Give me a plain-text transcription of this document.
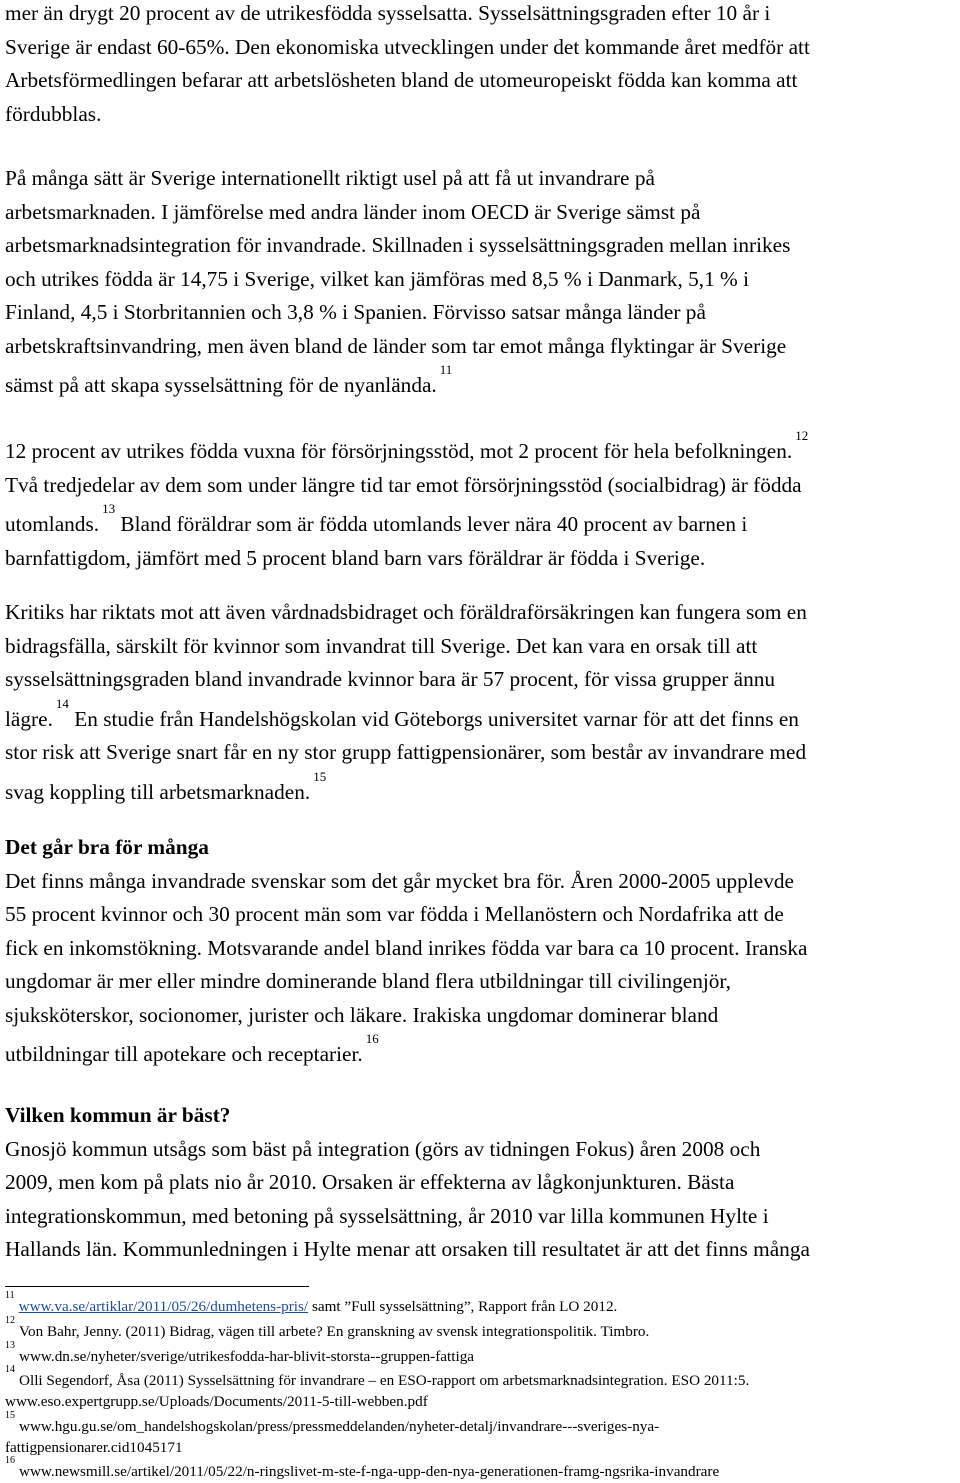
mer än drygt 20 procent av de utrikesfödda sysselsatta. Sysselsättningsgraden efter 10 år i
Sverige är endast 60-65%. Den ekonomiska utvecklingen under det kommande året medför att
Arbetsförmedlingen befarar att arbetslösheten bland de utomeuropeiskt födda kan komma att
fördubblas.
På många sätt är Sverige internationellt riktigt usel på att få ut invandrare på
arbetsmarknaden. I jämförelse med andra länder inom OECD är Sverige sämst på
arbetsmarknadsintegration för invandrade. Skillnaden i sysselsättningsgraden mellan inrikes
och utrikes födda är 14,75 i Sverige, vilket kan jämföras med 8,5 % i Danmark, 5,1 % i
Finland, 4,5 i Storbritannien och 3,8 % i Spanien. Förvisso satsar många länder på
arbetskraftsinvandring, men även bland de länder som tar emot många flyktingar är Sverige
sämst på att skapa sysselsättning för de nyanlända.$^{11}$
12 procent av utrikes födda vuxna för försörjningsstöd, mot 2 procent för hela befolkningen.$^{12}$
Två tredjedelar av dem som under längre tid tar emot försörjningsstöd (socialbidrag) är födda
utomlands.$^{13}$ Bland föräldrar som är födda utomlands lever nära 40 procent av barnen i
barnfattigdom, jämfört med 5 procent bland barn vars föräldrar är födda i Sverige.
Kritiks har riktats mot att även vårdnadsbidraget och föräldraförsäkringen kan fungera som en
bidragsfälla, särskilt för kvinnor som invandrat till Sverige. Det kan vara en orsak till att
sysselsättningsgraden bland invandrade kvinnor bara är 57 procent, för vissa grupper ännu
lägre.$^{14}$ En studie från Handelshögskolan vid Göteborgs universitet varnar för att det finns en
stor risk att Sverige snart får en ny stor grupp fattigpensionärer, som består av invandrare med
svag koppling till arbetsmarknaden.$^{15}$
Det går bra för många
Det finns många invandrade svenskar som det går mycket bra för. Åren 2000-2005 upplevde
55 procent kvinnor och 30 procent män som var födda i Mellanöstern och Nordafrika att de
fick en inkomstökning. Motsvarande andel bland inrikes födda var bara ca 10 procent. Iranska
ungdomar är mer eller mindre dominerande bland flera utbildningar till civilingenjör,
sjuksköterskor, socionomer, jurister och läkare. Irakiska ungdomar dominerar bland
utbildningar till apotekare och receptarier.$^{16}$
Vilken kommun är bäst?
Gnosjö kommun utsågs som bäst på integration (görs av tidningen Fokus) åren 2008 och
2009, men kom på plats nio år 2010. Orsaken är effekterna av lågkonjunkturen. Bästa
integrationskommun, med betoning på sysselsättning, år 2010 var lilla kommunen Hylte i
Hallands län. Kommunledningen i Hylte menar att orsaken till resultatet är att det finns många
$^{11}$www.va.se/artiklar/2011/05/26/dumhetens-pris/ samt ”Full sysselsättning”, Rapport från LO 2012.
$^{12}$Von Bahr, Jenny. (2011) Bidrag, vägen till arbete? En granskning av svensk integrationspolitik. Timbro.
$^{13}$www.dn.se/nyheter/sverige/utrikesfodda-har-blivit-storsta--gruppen-fattiga
$^{14}$Olli Segendorf, Åsa (2011) Sysselsättning för invandrare – en ESO-rapport om arbetsmarknadsintegration. ESO 2011:5.
www.eso.expertgrupp.se/Uploads/Documents/2011-5-till-webben.pdf
$^{15}$www.hgu.gu.se/om_handelshogskolan/press/pressmeddelanden/nyheter-detalj/invandrare---sveriges-nya-
fattigpensionarer.cid1045171
$^{16}$www.newsmill.se/artikel/2011/05/22/n-ringslivet-m-ste-f-nga-upp-den-nya-generationen-framg-ngsrika-invandrare
